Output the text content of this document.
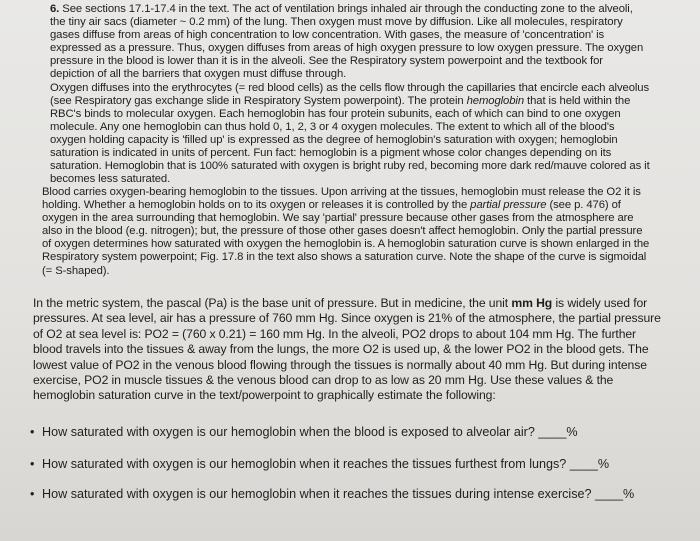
6. See sections 17.1-17.4 in the text. The act of ventilation brings inhaled air through the conducting zone to the alveoli, the tiny air sacs (diameter ~ 0.2 mm) of the lung. Then oxygen must move by diffusion. Like all molecules, respiratory gases diffuse from areas of high concentration to low concentration. With gases, the measure of 'concentration' is expressed as a pressure. Thus, oxygen diffuses from areas of high oxygen pressure to low oxygen pressure. The oxygen pressure in the blood is lower than it is in the alveoli. See the Respiratory system powerpoint and the textbook for depiction of all the barriers that oxygen must diffuse through.
Oxygen diffuses into the erythrocytes (= red blood cells) as the cells flow through the capillaries that encircle each alveolus (see Respiratory gas exchange slide in Respiratory System powerpoint). The protein hemoglobin that is held within the RBC's binds to molecular oxygen. Each hemoglobin has four protein subunits, each of which can bind to one oxygen molecule. Any one hemoglobin can thus hold 0, 1, 2, 3 or 4 oxygen molecules. The extent to which all of the blood's oxygen holding capacity is 'filled up' is expressed as the degree of hemoglobin's saturation with oxygen; hemoglobin saturation is indicated in units of percent. Fun fact: hemoglobin is a pigment whose color changes depending on its saturation. Hemoglobin that is 100% saturated with oxygen is bright ruby red, becoming more dark red/mauve colored as it becomes less saturated.

Blood carries oxygen-bearing hemoglobin to the tissues. Upon arriving at the tissues, hemoglobin must release the O2 it is holding. Whether a hemoglobin holds on to its oxygen or releases it is controlled by the partial pressure (see p. 476) of oxygen in the area surrounding that hemoglobin. We say 'partial' pressure because other gases from the atmosphere are also in the blood (e.g. nitrogen); but, the pressure of those other gases doesn't affect hemoglobin. Only the partial pressure of oxygen determines how saturated with oxygen the hemoglobin is. A hemoglobin saturation curve is shown enlarged in the Respiratory system powerpoint; Fig. 17.8 in the text also shows a saturation curve. Note the shape of the curve is sigmoidal (= S-shaped).

In the metric system, the pascal (Pa) is the base unit of pressure. But in medicine, the unit mm Hg is widely used for pressures. At sea level, air has a pressure of 760 mm Hg. Since oxygen is 21% of the atmosphere, the partial pressure of O2 at sea level is: PO2 = (760 x 0.21) = 160 mm Hg. In the alveoli, PO2 drops to about 104 mm Hg. The further blood travels into the tissues & away from the lungs, the more O2 is used up, & the lower PO2 in the blood gets. The lowest value of PO2 in the venous blood flowing through the tissues is normally about 40 mm Hg. But during intense exercise, PO2 in muscle tissues & the venous blood can drop to as low as 20 mm Hg. Use these values & the hemoglobin saturation curve in the text/powerpoint to graphically estimate the following:

• How saturated with oxygen is our hemoglobin when the blood is exposed to alveolar air? ____%
• How saturated with oxygen is our hemoglobin when it reaches the tissues furthest from lungs? ____%
• How saturated with oxygen is our hemoglobin when it reaches the tissues during intense exercise? ____%
